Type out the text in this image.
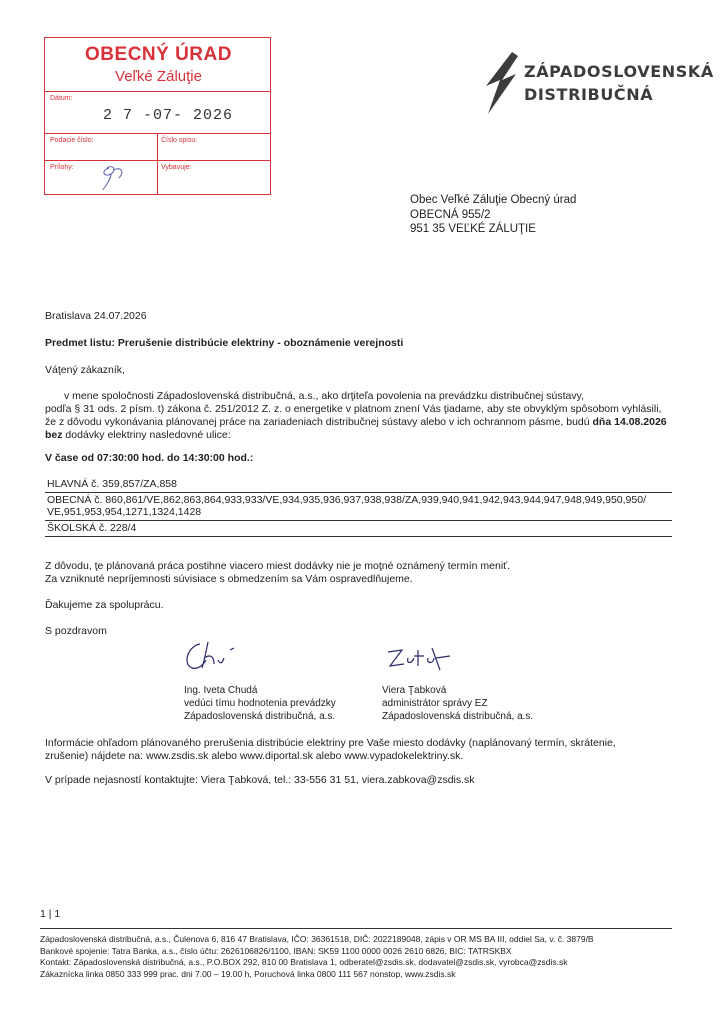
OBECNÝ ÚRAD
Veľké Záluţie
Dátum:
2 7 -07- 2026
Podacie číslo:	Číslo spisu:
Prílohy:	Vybavuje:
ZÁPADOSLOVENSKÁ
DISTRIBUČNÁ
Obec Veľké Záluţie Obecný úrad
OBECNÁ 955/2
951 35 VEĽKÉ ZÁLUŢIE
Bratislava 24.07.2026
Predmet listu: Prerušenie distribúcie elektriny - oboznámenie verejnosti
Váţený zákazník,
v mene spoločnosti Západoslovenská distribučná, a.s., ako drţiteľa povolenia na prevádzku distribučnej sústavy,
podľa § 31 ods. 2 písm. t) zákona č. 251/2012 Z. z. o energetike v platnom znení Vás ţiadame, aby ste obvyklým spôsobom vyhlásili,
že z dôvodu vykonávania plánovanej práce na zariadeniach distribučnej sústavy alebo v ich ochrannom pásme, budú dňa 14.08.2026
bez dodávky elektriny nasledovné ulice:
V čase od 07:30:00 hod. do 14:30:00 hod.:
HLAVNÁ č. 359,857/ZA,858
OBECNÁ č. 860,861/VE,862,863,864,933,933/VE,934,935,936,937,938,938/ZA,939,940,941,942,943,944,947,948,949,950,950/
VE,951,953,954,1271,1324,1428
ŠKOLSKÁ č. 228/4
Z dôvodu, ţe plánovaná práca postihne viacero miest dodávky nie je moţné oznámený termín meniť.
Za vzniknuté nepríjemnosti súvisiace s obmedzením sa Vám ospravedlňujeme.
Ďakujeme za spoluprácu.
S pozdravom
Ing. Iveta Chudá
vedúci tímu hodnotenia prevádzky
Západoslovenská distribučná, a.s.
Viera Ţabková
administrátor správy EZ
Západoslovenská distribučná, a.s.
Informácie ohľadom plánovaného prerušenia distribúcie elektriny pre Vaše miesto dodávky (naplánovaný termín, skrátenie,
zrušenie) nájdete na: www.zsdis.sk alebo www.diportal.sk alebo www.vypadokelektriny.sk.
V prípade nejasností kontaktujte: Viera Ţabková, tel.: 33-556 31 51, viera.zabkova@zsdis.sk
1 | 1
Západoslovenská distribučná, a.s., Čulenova 6, 816 47 Bratislava, IČO: 36361518, DIČ: 2022189048, zápis v OR MS BA III, oddiel Sa, v. č. 3879/B
Bankové spojenie: Tatra Banka, a.s., číslo účtu: 2626106826/1100, IBAN: SK59 1100 0000 0026 2610 6826, BIC: TATRSKBX
Kontakt: Západoslovenská distribučná, a.s., P.O.BOX 292, 810 00 Bratislava 1, odberatel@zsdis.sk, dodavatel@zsdis.sk, vyrobca@zsdis.sk
Zákaznícka linka 0850 333 999 prac. dni 7.00 – 19.00 h, Poruchová linka 0800 111 567 nonstop, www.zsdis.sk
